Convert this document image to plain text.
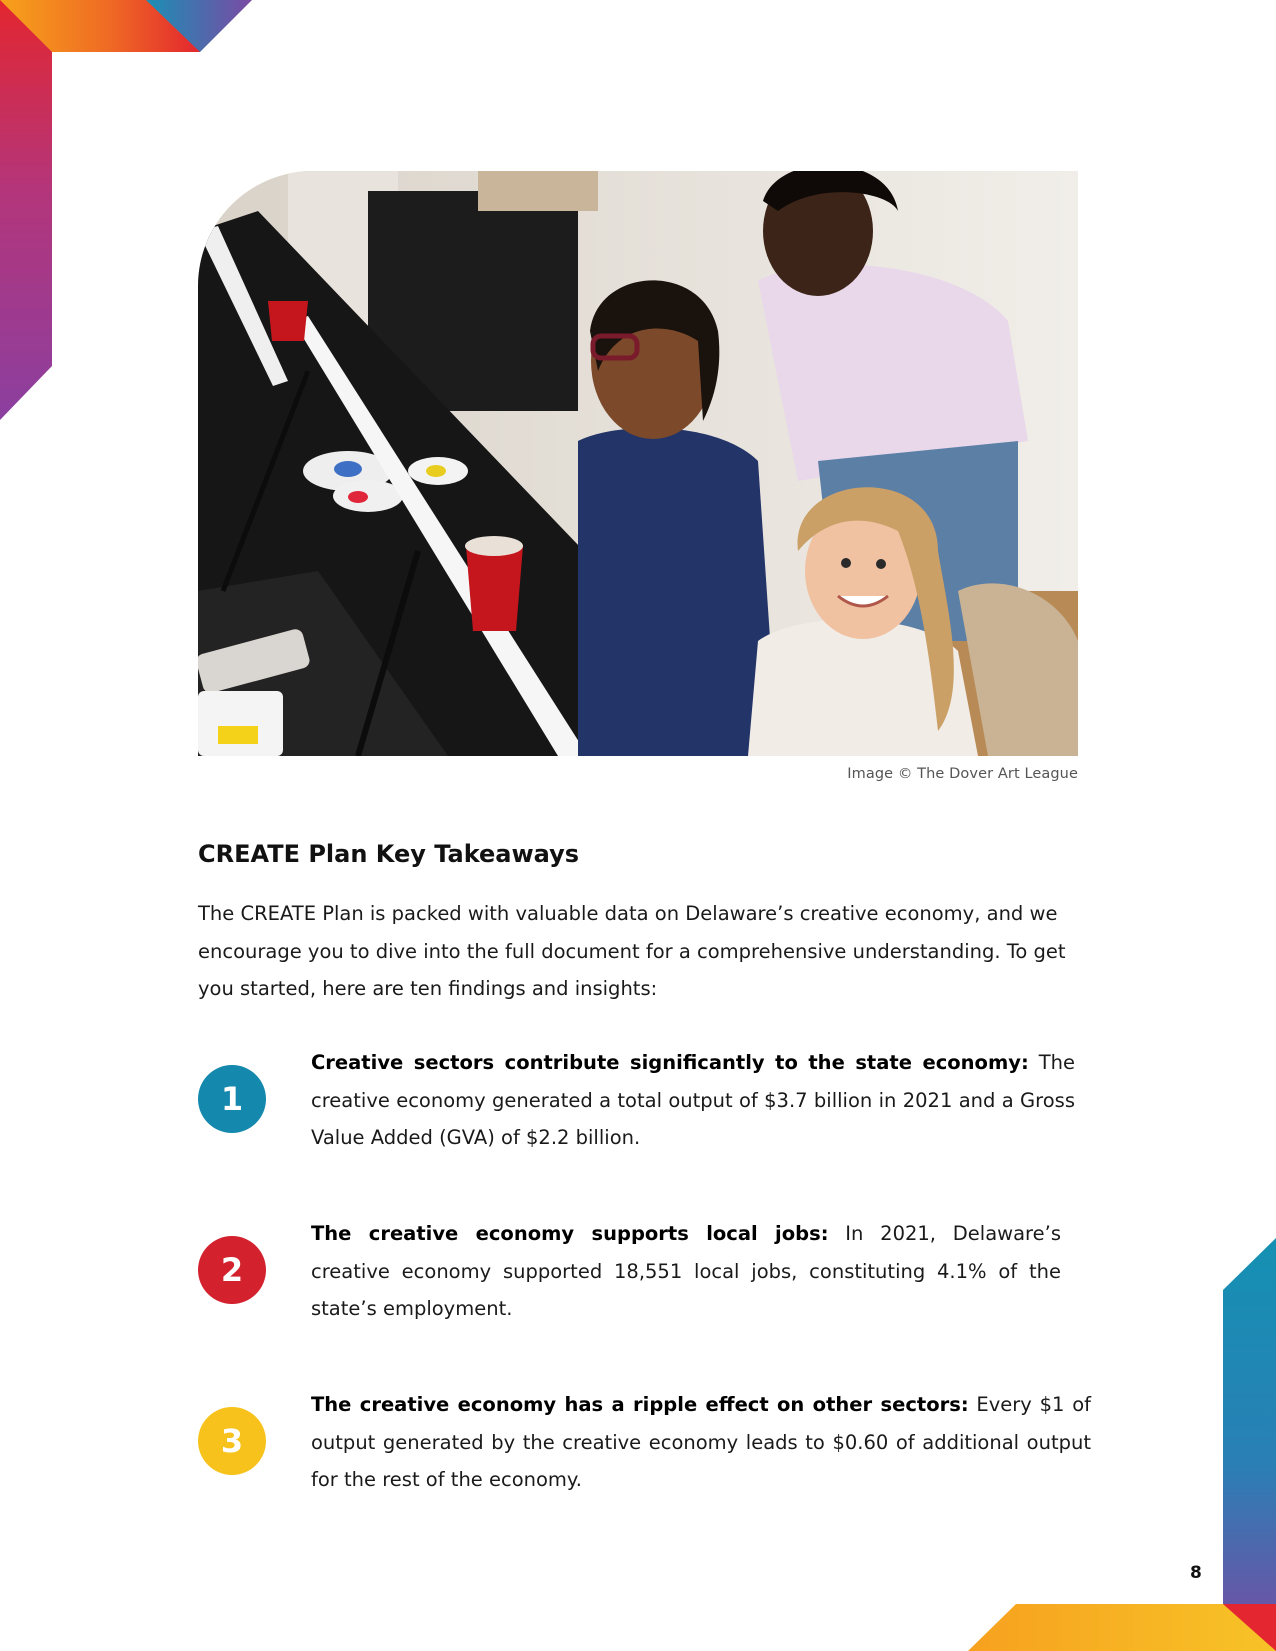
Image © The Dover Art League
CREATE Plan Key Takeaways

The CREATE Plan is packed with valuable data on Delaware’s creative economy, and we encourage you to dive into the full document for a comprehensive understanding. To get you started, here are ten findings and insights:

1

Creative sectors contribute significantly to the state economy: The creative economy generated a total output of $3.7 billion in 2021 and a Gross Value Added (GVA) of $2.2 billion.

2

The creative economy supports local jobs: In 2021, Delaware’s creative economy supported 18,551 local jobs, constituting 4.1% of the state’s employment.

3

The creative economy has a ripple effect on other sectors: Every $1 of output generated by the creative economy leads to $0.60 of additional output for the rest of the economy.

8
